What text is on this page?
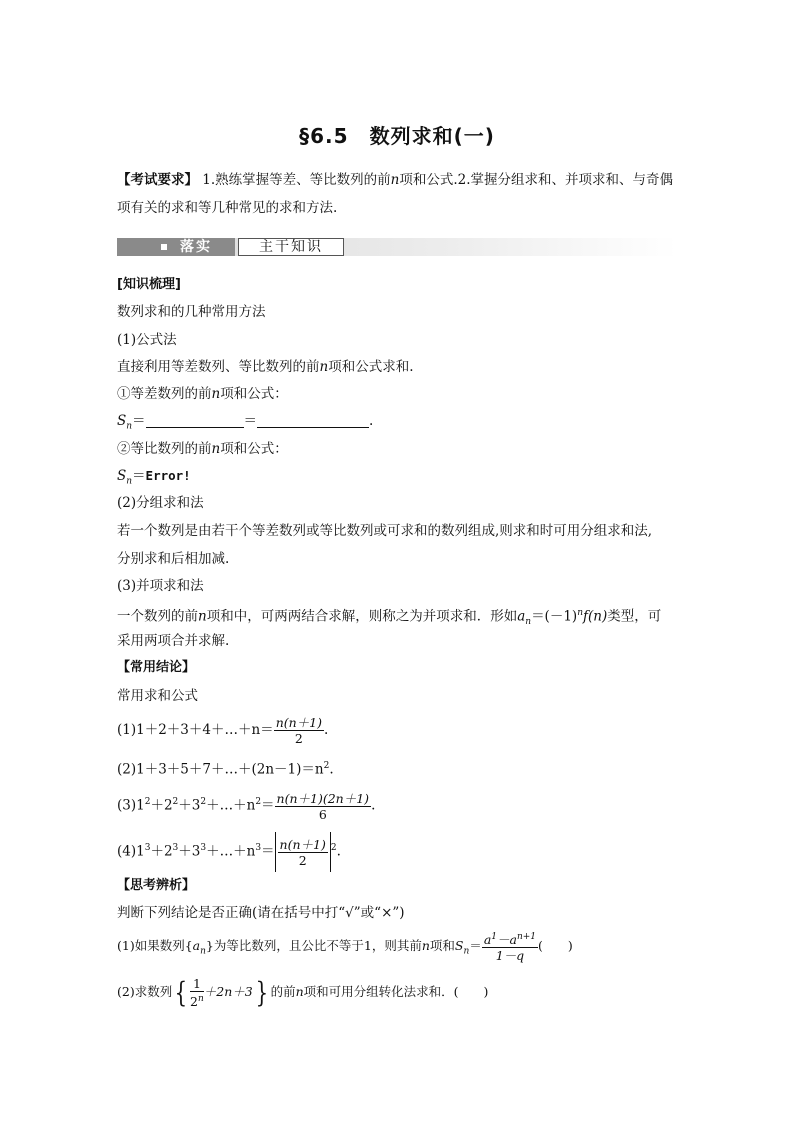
§6.5　数列求和(一)
【考试要求】 1.熟练掌握等差、等比数列的前n项和公式.2.掌握分组求和、并项求和、与奇偶
项有关的求和等几种常见的求和方法.
落实	主干知识
[知识梳理]
数列求和的几种常用方法
(1)公式法
直接利用等差数列、等比数列的前n项和公式求和.
①等差数列的前n项和公式：
$S_n=$	＝	.
②等比数列的前n项和公式：
$S_n=Error$!
(2)分组求和法
若一个数列是由若干个等差数列或等比数列或可求和的数列组成,则求和时可用分组求和法,
分别求和后相加减.
(3)并项求和法
一个数列的前n项和中，可两两结合求解，则称之为并项求和．形如$a_n=(-1)^nf(n)$类型，可
采用两项合并求解.
【常用结论】
常用求和公式
(1)1＋2＋3＋4＋…＋n＝ $\frac{n(n+1)}{2}$ .
$(2)1+3+5+7+\dots+(2n-1)=n^2$.
$(3)1^2+2^2+3^2+\dots+n^2= \frac{n(n+1)(2n+1)}{6}$ .
$(4)1^3+2^3+3^3+\dots+n^3= \frac{n(n+1)}{2} ^2$.
【思考辨析】
判断下列结论是否正确(请在括号中打“√”或“×”)
(1)如果数列$\{a_n\}$为等比数列，且公比不等于1，则其前n项和$S_n= \frac{a^1-a^{n+1}}{1-q}$ (　　)
(2)求数列{ $\frac{1}{2^n} +2n+3$} 的前n项和可用分组转化法求和．(　　)
